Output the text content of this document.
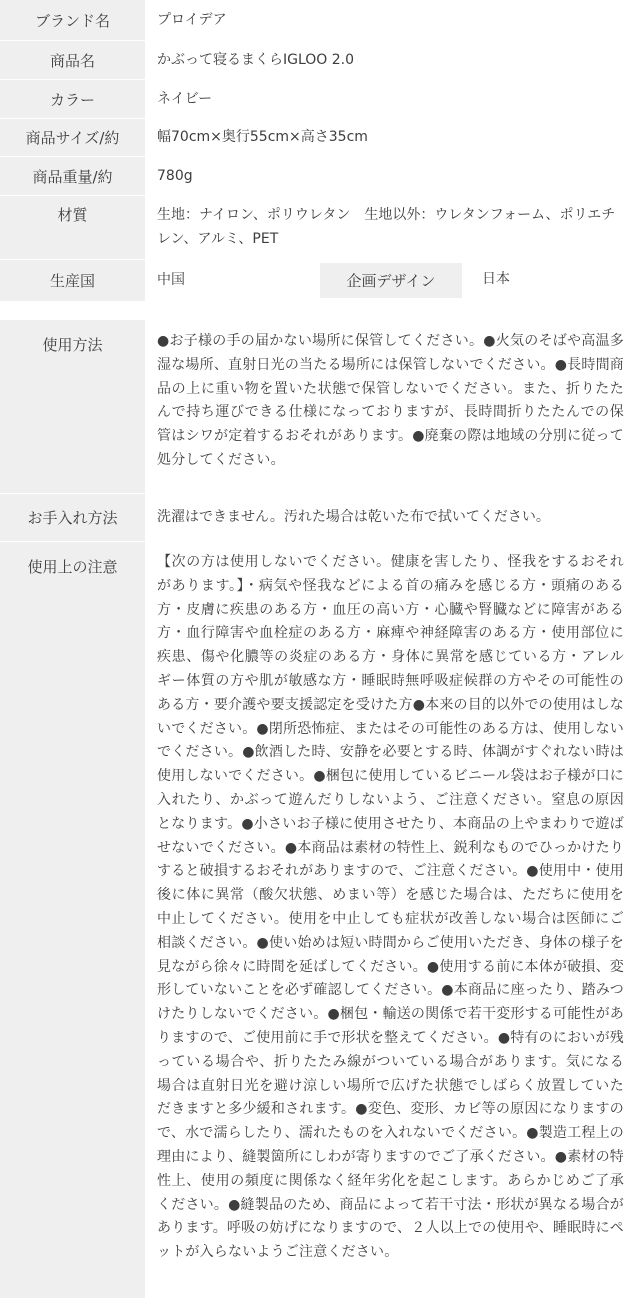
ブランド名	プロイデア
商品名	かぶって寝るまくらIGLOO 2.0
カラー	ネイビー
商品サイズ/約	幅70cm×奥行55cm×高さ35cm
商品重量/約	780g
材質	生地：ナイロン、ポリウレタン　生地以外：ウレタンフォーム、ポリエチレン、アルミ、PET
生産国	中国	企画デザイン	日本
使用方法	●お子様の手の届かない場所に保管してください。●火気のそばや高温多湿な場所、直射日光の当たる場所には保管しないでください。●長時間商品の上に重い物を置いた状態で保管しないでください。また、折りたたんで持ち運びできる仕様になっておりますが、長時間折りたたんでの保管はシワが定着するおそれがあります。●廃棄の際は地域の分別に従って処分してください。
お手入れ方法	洗濯はできません。汚れた場合は乾いた布で拭いてください。
使用上の注意	【次の方は使用しないでください。健康を害したり、怪我をするおそれがあります。】・病気や怪我などによる首の痛みを感じる方・頭痛のある方・皮膚に疾患のある方・血圧の高い方・心臓や腎臓などに障害がある方・血行障害や血栓症のある方・麻痺や神経障害のある方・使用部位に疾患、傷や化膿等の炎症のある方・身体に異常を感じている方・アレルギー体質の方や肌が敏感な方・睡眠時無呼吸症候群の方やその可能性のある方・要介護や要支援認定を受けた方●本来の目的以外での使用はしないでください。●閉所恐怖症、またはその可能性のある方は、使用しないでください。●飲酒した時、安静を必要とする時、体調がすぐれない時は使用しないでください。●梱包に使用しているビニール袋はお子様が口に入れたり、かぶって遊んだりしないよう、ご注意ください。窒息の原因となります。●小さいお子様に使用させたり、本商品の上やまわりで遊ばせないでください。●本商品は素材の特性上、鋭利なものでひっかけたりすると破損するおそれがありますので、ご注意ください。●使用中・使用後に体に異常（酸欠状態、めまい等）を感じた場合は、ただちに使用を中止してください。使用を中止しても症状が改善しない場合は医師にご相談ください。●使い始めは短い時間からご使用いただき、身体の様子を見ながら徐々に時間を延ばしてください。●使用する前に本体が破損、変形していないことを必ず確認してください。●本商品に座ったり、踏みつけたりしないでください。●梱包・輸送の関係で若干変形する可能性がありますので、ご使用前に手で形状を整えてください。●特有のにおいが残っている場合や、折りたたみ線がついている場合があります。気になる場合は直射日光を避け涼しい場所で広げた状態でしばらく放置していただきますと多少緩和されます。●変色、変形、カビ等の原因になりますので、水で濡らしたり、濡れたものを入れないでください。●製造工程上の理由により、縫製箇所にしわが寄りますのでご了承ください。●素材の特性上、使用の頻度に関係なく経年劣化を起こします。あらかじめご了承ください。●縫製品のため、商品によって若干寸法・形状が異なる場合があります。呼吸の妨げになりますので、２人以上での使用や、睡眠時にペットが入らないようご注意ください。
